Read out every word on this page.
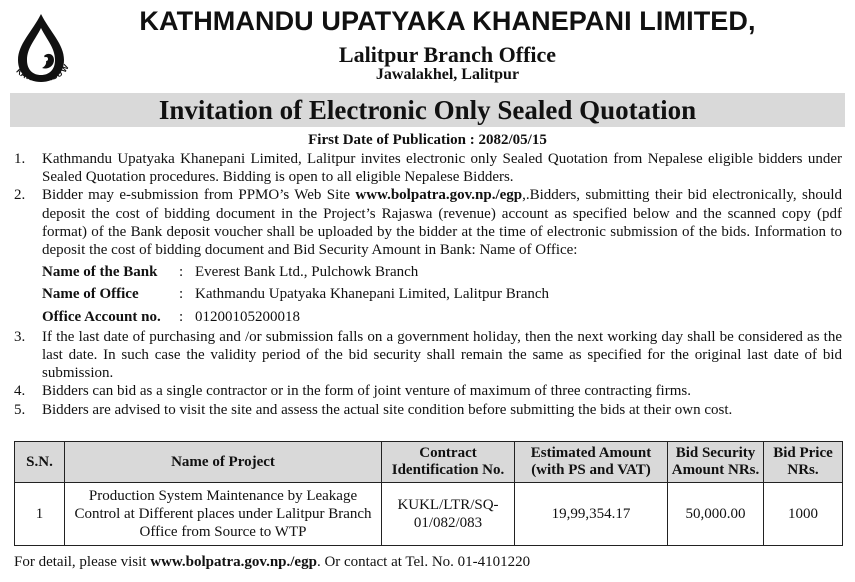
KATHMANDU W
KATHMANDU UPATYAKA KHANEPANI LIMITED,
Lalitpur Branch Office
Jawalakhel, Lalitpur
Invitation of Electronic Only Sealed Quotation
First Date of Publication : 2082/05/15
1. Kathmandu Upatyaka Khanepani Limited, Lalitpur invites electronic only Sealed Quotation from Nepalese eligible bidders under Sealed Quotation procedures. Bidding is open to all eligible Nepalese Bidders.
2. Bidder may e-submission from PPMO’s Web Site www.bolpatra.gov.np./egp,.Bidders, submitting their bid electronically, should deposit the cost of bidding document in the Project’s Rajaswa (revenue) account as specified below and the scanned copy (pdf format) of the Bank deposit voucher shall be uploaded by the bidder at the time of electronic submission of the bids. Information to deposit the cost of bidding document and Bid Security Amount in Bank: Name of Office:
Name of the Bank	: Everest Bank Ltd., Pulchowk Branch
Name of Office	: Kathmandu Upatyaka Khanepani Limited, Lalitpur Branch
Office Account no.	: 01200105200018
3. If the last date of purchasing and /or submission falls on a government holiday, then the next working day shall be considered as the last date. In such case the validity period of the bid security shall remain the same as specified for the original last date of bid submission.
4. Bidders can bid as a single contractor or in the form of joint venture of maximum of three contracting firms.
5. Bidders are advised to visit the site and assess the actual site condition before submitting the bids at their own cost.
S.N.	Name of Project	Contract Identification No.	Estimated Amount (with PS and VAT)	Bid Security Amount NRs.	Bid Price NRs.
1	Production System Maintenance by Leakage Control at Different places under Lalitpur Branch Office from Source to WTP	KUKL/LTR/SQ-01/082/083	19,99,354.17	50,000.00	1000
For detail, please visit www.bolpatra.gov.np./egp. Or contact at Tel. No. 01-4101220
